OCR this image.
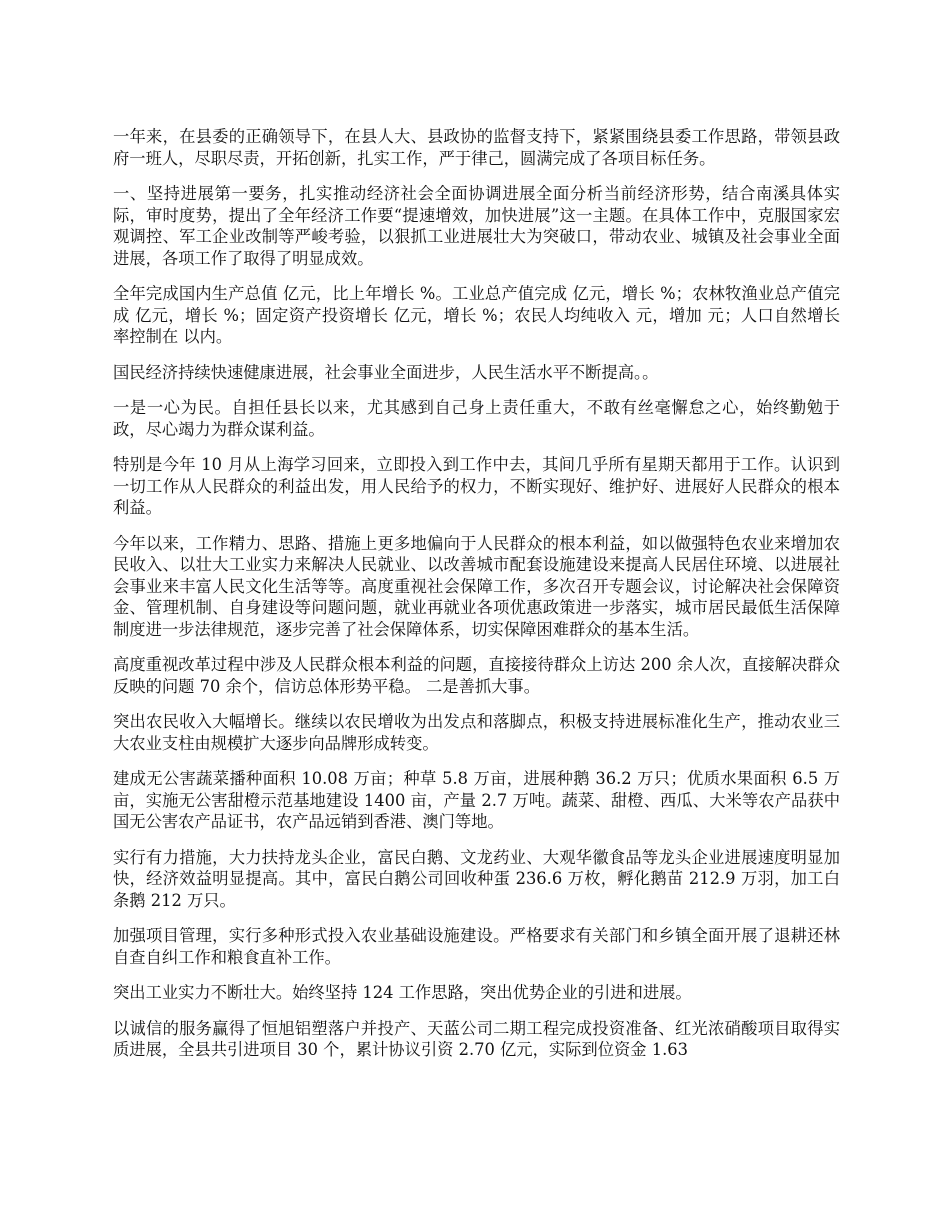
一年来，在县委的正确领导下，在县人大、县政协的监督支持下，紧紧围绕县委工作思路，带领县政府一班人，尽职尽责，开拓创新，扎实工作，严于律己，圆满完成了各项目标任务。

一、坚持进展第一要务，扎实推动经济社会全面协调进展全面分析当前经济形势，结合南溪具体实际，审时度势，提出了全年经济工作要“提速增效，加快进展”这一主题。在具体工作中，克服国家宏观调控、军工企业改制等严峻考验，以狠抓工业进展壮大为突破口，带动农业、城镇及社会事业全面进展，各项工作了取得了明显成效。

全年完成国内生产总值 亿元，比上年增长 %。工业总产值完成 亿元，增长 %；农林牧渔业总产值完成 亿元，增长 %；固定资产投资增长 亿元，增长 %；农民人均纯收入 元，增加 元；人口自然增长率控制在 以内。

国民经济持续快速健康进展，社会事业全面进步，人民生活水平不断提高。。

一是一心为民。自担任县长以来，尤其感到自己身上责任重大，不敢有丝毫懈怠之心，始终勤勉于政，尽心竭力为群众谋利益。

特别是今年 10 月从上海学习回来，立即投入到工作中去，其间几乎所有星期天都用于工作。认识到一切工作从人民群众的利益出发，用人民给予的权力，不断实现好、维护好、进展好人民群众的根本利益。

今年以来，工作精力、思路、措施上更多地偏向于人民群众的根本利益，如以做强特色农业来增加农民收入、以壮大工业实力来解决人民就业、以改善城市配套设施建设来提高人民居住环境、以进展社会事业来丰富人民文化生活等等。高度重视社会保障工作，多次召开专题会议，讨论解决社会保障资金、管理机制、自身建设等问题问题，就业再就业各项优惠政策进一步落实，城市居民最低生活保障制度进一步法律规范，逐步完善了社会保障体系，切实保障困难群众的基本生活。

高度重视改革过程中涉及人民群众根本利益的问题，直接接待群众上访达 200 余人次，直接解决群众反映的问题 70 余个，信访总体形势平稳。 二是善抓大事。

突出农民收入大幅增长。继续以农民增收为出发点和落脚点，积极支持进展标准化生产，推动农业三大农业支柱由规模扩大逐步向品牌形成转变。

建成无公害蔬菜播种面积 10.08 万亩；种草 5.8 万亩，进展种鹅 36.2 万只；优质水果面积 6.5 万亩，实施无公害甜橙示范基地建设 1400 亩，产量 2.7 万吨。蔬菜、甜橙、西瓜、大米等农产品获中国无公害农产品证书，农产品远销到香港、澳门等地。

实行有力措施，大力扶持龙头企业，富民白鹅、文龙药业、大观华徽食品等龙头企业进展速度明显加快，经济效益明显提高。其中，富民白鹅公司回收种蛋 236.6 万枚，孵化鹅苗 212.9 万羽，加工白条鹅 212 万只。

加强项目管理，实行多种形式投入农业基础设施建设。严格要求有关部门和乡镇全面开展了退耕还林自查自纠工作和粮食直补工作。

突出工业实力不断壮大。始终坚持 124 工作思路，突出优势企业的引进和进展。

以诚信的服务赢得了恒旭铝塑落户并投产、天蓝公司二期工程完成投资准备、红光浓硝酸项目取得实质进展，全县共引进项目 30 个，累计协议引资 2.70 亿元，实际到位资金 1.63
